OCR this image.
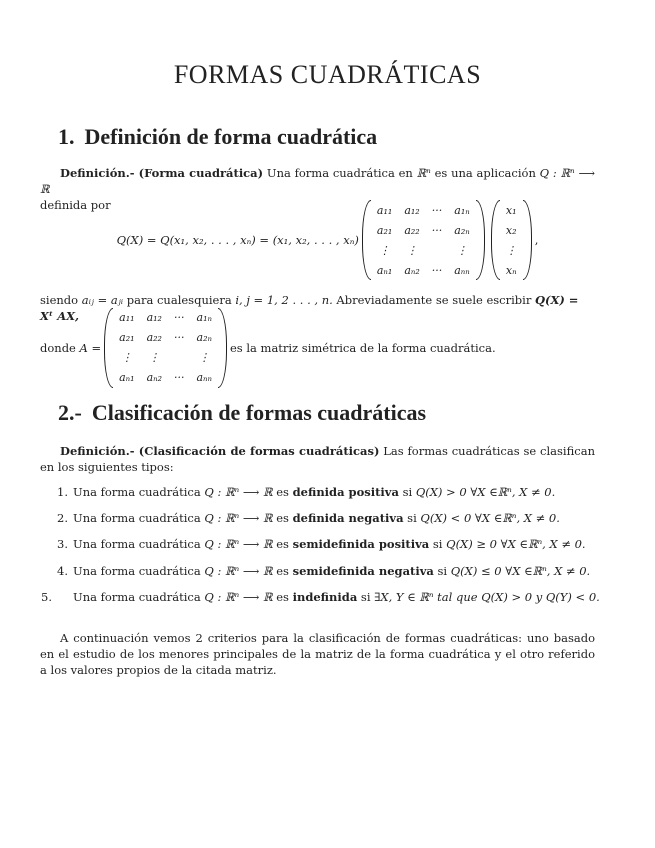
FORMAS CUADRÁTICAS
1. Definición de forma cuadrática
Definición.- (Forma cuadrática) Una forma cuadrática en ℝⁿ es una aplicación Q : ℝⁿ ⟶ ℝ
definida por
Q(X) = Q(x₁, x₂, . . . , xₙ) = (x₁, x₂, . . . , xₙ)
a₁₁	a₁₂	···	a₁ₙ
a₂₁	a₂₂	···	a₂ₙ
⋮	⋮		⋮
aₙ₁	aₙ₂	···	aₙₙ
x₁
x₂
⋮
xₙ
,
siendo aᵢⱼ = aⱼᵢ para cualesquiera i, j = 1, 2 . . . , n. Abreviadamente se suele escribir Q(X) = Xᵗ AX,
donde
A =
a₁₁	a₁₂	···	a₁ₙ
a₂₁	a₂₂	···	a₂ₙ
⋮	⋮		⋮
aₙ₁	aₙ₂	···	aₙₙ
es la matriz simétrica de la forma cuadrática.
2.- Clasificación de formas cuadráticas
Definición.- (Clasificación de formas cuadráticas) Las formas cuadráticas se clasifican en los siguientes tipos:
1. Una forma cuadrática Q : ℝⁿ ⟶ ℝ es definida positiva si Q(X) > 0 ∀X ∈ℝⁿ, X ≠ 0.
2. Una forma cuadrática Q : ℝⁿ ⟶ ℝ es definida negativa si Q(X) < 0 ∀X ∈ℝⁿ, X ≠ 0.
3. Una forma cuadrática Q : ℝⁿ ⟶ ℝ es semidefinida positiva si Q(X) ≥ 0 ∀X ∈ℝⁿ, X ≠ 0.
4. Una forma cuadrática Q : ℝⁿ ⟶ ℝ es semidefinida negativa si Q(X) ≤ 0 ∀X ∈ℝⁿ, X ≠ 0.
5. Una forma cuadrática Q : ℝⁿ ⟶ ℝ es indefinida si ∃X, Y ∈ ℝⁿ tal que Q(X) > 0 y Q(Y) < 0.
A continuación vemos 2 criterios para la clasificación de formas cuadráticas: uno basado en el estudio de los menores principales de la matriz de la forma cuadrática y el otro referido a los valores propios de la citada matriz.
